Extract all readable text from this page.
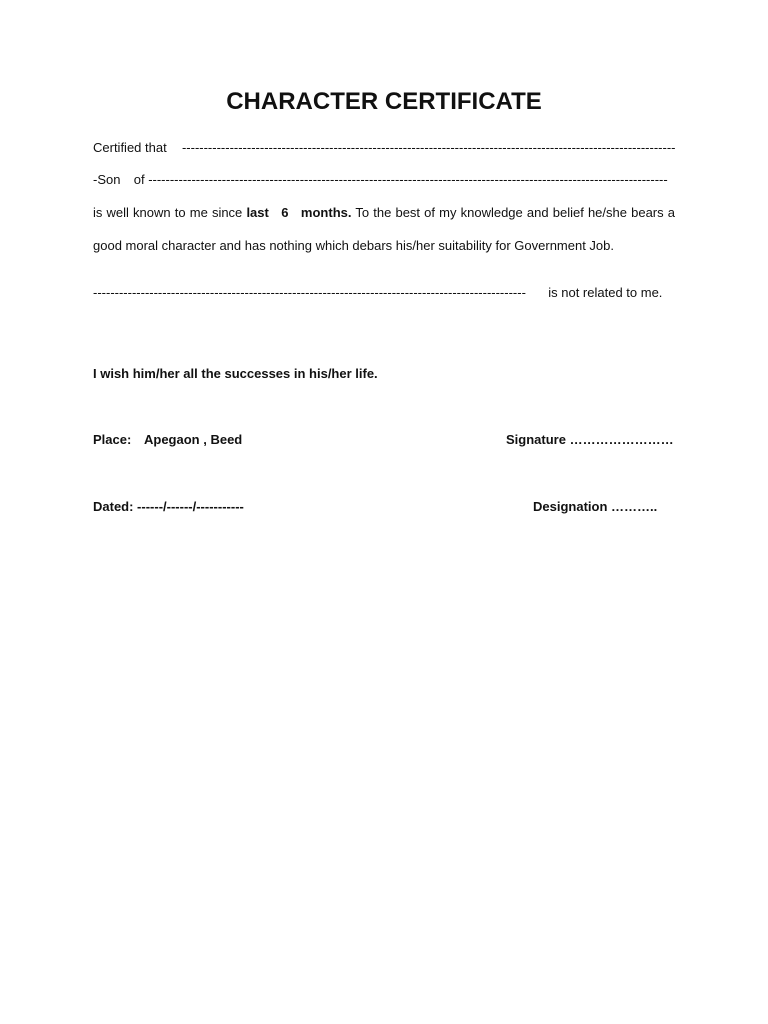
CHARACTER CERTIFICATE
Certified that ------------------------------------------------------------------------------------------------------------------
-Son of ------------------------------------------------------------------------------------------------------------------------
is well known to me since last 6 months. To the best of my knowledge and belief he/she bears a
good moral character and has nothing which debars his/her suitability for Government Job.
---------------------------------------------------------------------------------------------------- is not related to me.
I wish him/her all the successes in his/her life.
Place: Apegaon , Beed	Signature ……………………
Dated: ------/------/-----------	Designation ………..
